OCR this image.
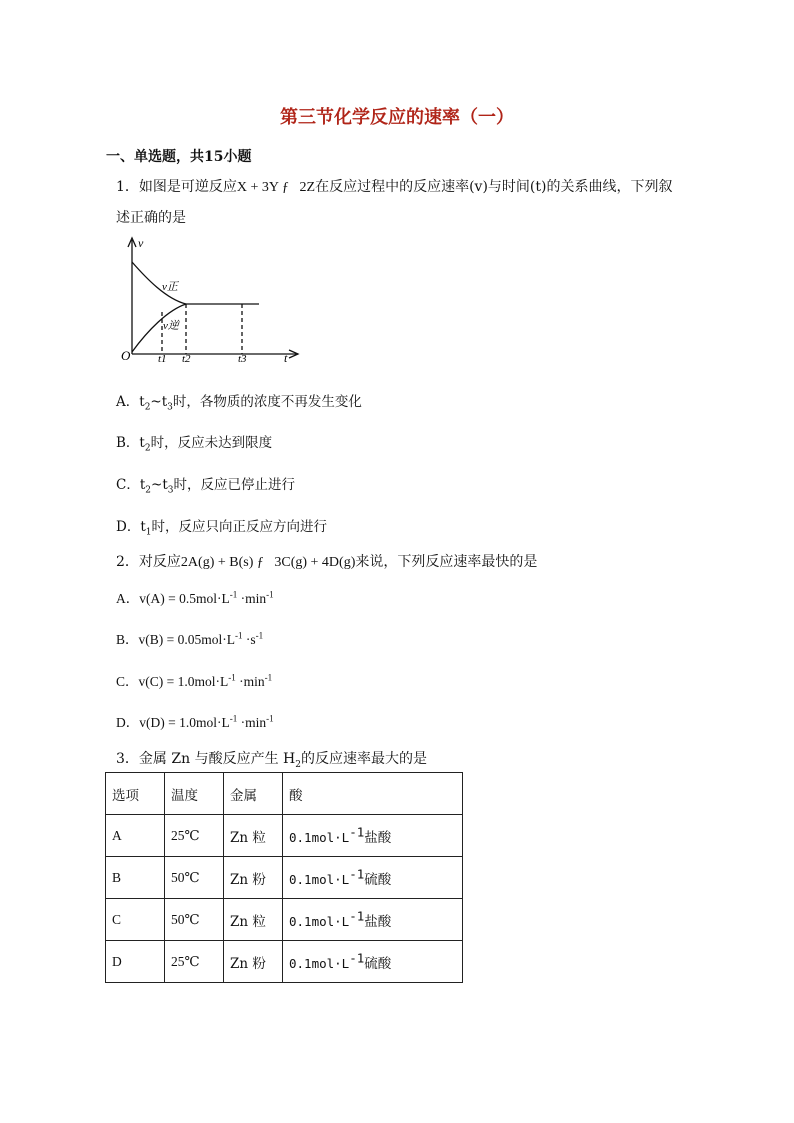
第三节化学反应的速率（一）
一、单选题，共15小题
1．如图是可逆反应X + 3Y ƒ   2Z在反应过程中的反应速率(v)与时间(t)的关系曲线，下列叙
述正确的是
v
t
O
v正
v逆
t1 t2	t3
A．$t_2\sim t_3$时，各物质的浓度不再发生变化
B．$t_2$时，反应未达到限度
C．$t_2\sim t_3$时，反应已停止进行
D．$t_1$时，反应只向正反应方向进行
2．对反应2A(g) + B(s) ƒ   3C(g) + 4D(g)来说，下列反应速率最快的是
A．$v(A) = 0.5mol\cdot L^{-1} \cdot\min^{-1}$
B．$v(B) = 0.05mol\cdot L^{-1} \cdot s^{-1}$
C．$v(C) = 1.0mol\cdot L^{-1} \cdot\min^{-1}$
D．$v(D) = 1.0mol\cdot L^{-1} \cdot\min^{-1}$
3．金属 Zn 与酸反应产生 $H_2$的反应速率最大的是
选项	温度	金属	酸
A	25℃	Zn 粒	$0.1mol\cdot L^{-1}$盐酸
B	50℃	Zn 粉	$0.1mol\cdot L^{-1}$硫酸
C	50℃	Zn 粒	$0.1mol\cdot L^{-1}$盐酸
D	25℃	Zn 粉	$0.1mol\cdot L^{-1}$硫酸
